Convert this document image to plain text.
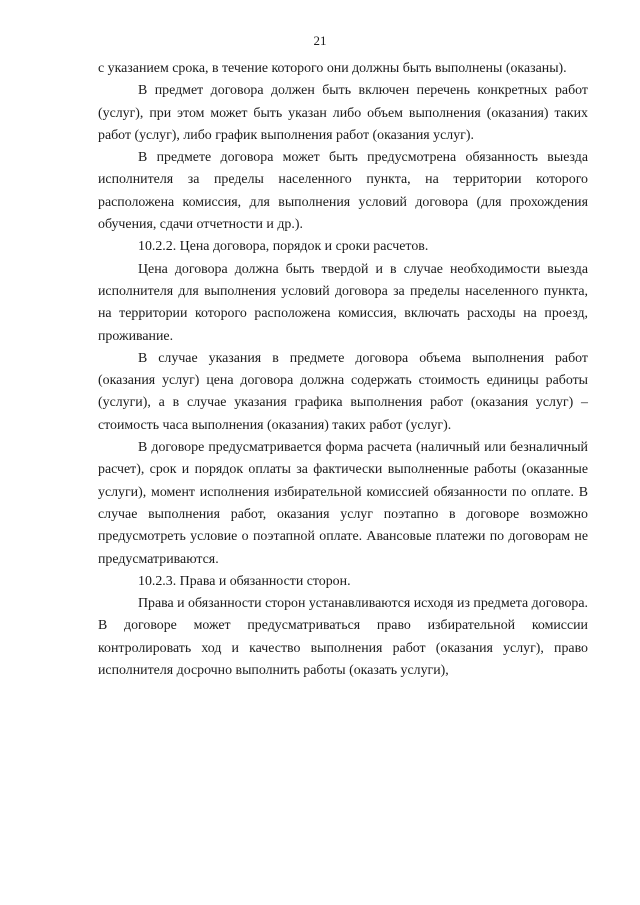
21

с указанием срока, в течение которого они должны быть выполнены (оказаны).

В предмет договора должен быть включен перечень конкретных работ (услуг), при этом может быть указан либо объем выполнения (оказания) таких работ (услуг), либо график выполнения работ (оказания услуг).

В предмете договора может быть предусмотрена обязанность выезда исполнителя за пределы населенного пункта, на территории которого расположена комиссия, для выполнения условий договора (для прохождения обучения, сдачи отчетности и др.).

10.2.2. Цена договора, порядок и сроки расчетов.

Цена договора должна быть твердой и в случае необходимости выезда исполнителя для выполнения условий договора за пределы населенного пункта, на территории которого расположена комиссия, включать расходы на проезд, проживание.

В случае указания в предмете договора объема выполнения работ (оказания услуг) цена договора должна содержать стоимость единицы работы (услуги), а в случае указания графика выполнения работ (оказания услуг) – стоимость часа выполнения (оказания) таких работ (услуг).

В договоре предусматривается форма расчета (наличный или безналичный расчет), срок и порядок оплаты за фактически выполненные работы (оказанные услуги), момент исполнения избирательной комиссией обязанности по оплате. В случае выполнения работ, оказания услуг поэтапно в договоре возможно предусмотреть условие о поэтапной оплате. Авансовые платежи по договорам не предусматриваются.

10.2.3. Права и обязанности сторон.

Права и обязанности сторон устанавливаются исходя из предмета договора. В договоре может предусматриваться право избирательной комиссии контролировать ход и качество выполнения работ (оказания услуг), право исполнителя досрочно выполнить работы (оказать услуги),
